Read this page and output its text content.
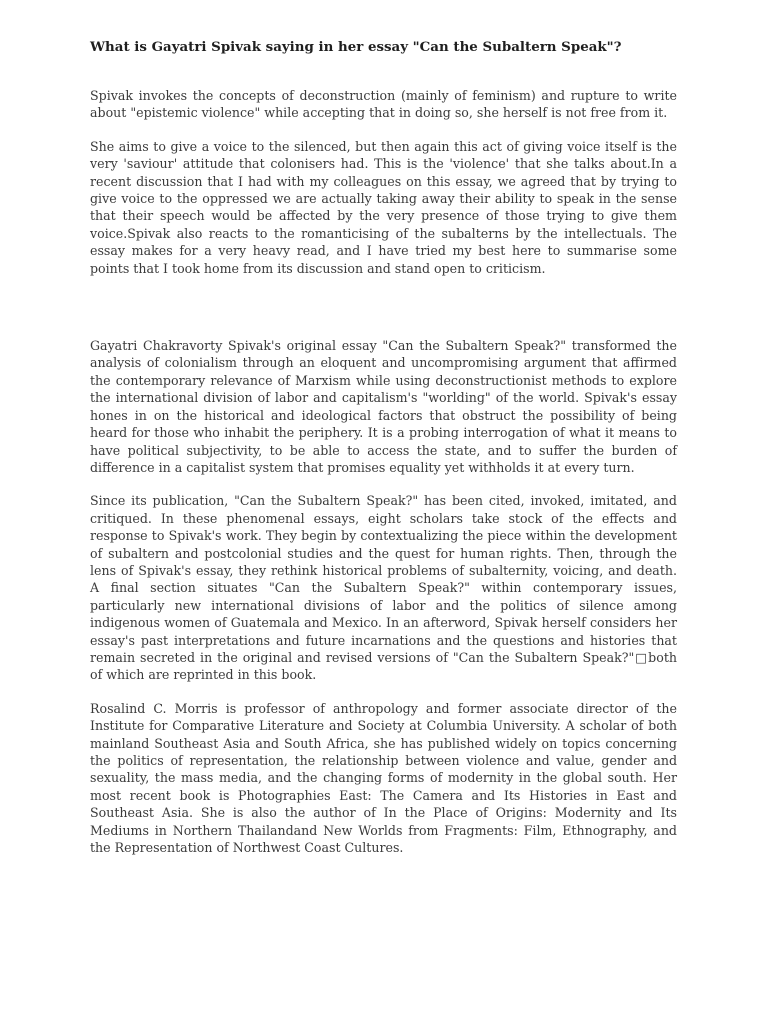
What is Gayatri Spivak saying in her essay "Can the Subaltern Speak"?

Spivak invokes the concepts of deconstruction (mainly of feminism) and rupture to write about "epistemic violence" while accepting that in doing so, she herself is not free from it.

She aims to give a voice to the silenced, but then again this act of giving voice itself is the very 'saviour' attitude that colonisers had. This is the 'violence' that she talks about.In a recent discussion that I had with my colleagues on this essay, we agreed that by trying to give voice to the oppressed we are actually taking away their ability to speak in the sense that their speech would be affected by the very presence of those trying to give them voice.Spivak also reacts to the romanticising of the subalterns by the intellectuals. The essay makes for a very heavy read, and I have tried my best here to summarise some points that I took home from its discussion and stand open to criticism.

Gayatri Chakravorty Spivak's original essay "Can the Subaltern Speak?" transformed the analysis of colonialism through an eloquent and uncompromising argument that affirmed the contemporary relevance of Marxism while using deconstructionist methods to explore the international division of labor and capitalism's "worlding" of the world. Spivak's essay hones in on the historical and ideological factors that obstruct the possibility of being heard for those who inhabit the periphery. It is a probing interrogation of what it means to have political subjectivity, to be able to access the state, and to suffer the burden of difference in a capitalist system that promises equality yet withholds it at every turn.

Since its publication, "Can the Subaltern Speak?" has been cited, invoked, imitated, and critiqued. In these phenomenal essays, eight scholars take stock of the effects and response to Spivak's work. They begin by contextualizing the piece within the development of subaltern and postcolonial studies and the quest for human rights. Then, through the lens of Spivak's essay, they rethink historical problems of subalternity, voicing, and death. A final section situates "Can the Subaltern Speak?" within contemporary issues, particularly new international divisions of labor and the politics of silence among indigenous women of Guatemala and Mexico. In an afterword, Spivak herself considers her essay's past interpretations and future incarnations and the questions and histories that remain secreted in the original and revised versions of "Can the Subaltern Speak?"□both of which are reprinted in this book.

Rosalind C. Morris is professor of anthropology and former associate director of the Institute for Comparative Literature and Society at Columbia University. A scholar of both mainland Southeast Asia and South Africa, she has published widely on topics concerning the politics of representation, the relationship between violence and value, gender and sexuality, the mass media, and the changing forms of modernity in the global south. Her most recent book is Photographies East: The Camera and Its Histories in East and Southeast Asia. She is also the author of In the Place of Origins: Modernity and Its Mediums in Northern Thailandand New Worlds from Fragments: Film, Ethnography, and the Representation of Northwest Coast Cultures.
